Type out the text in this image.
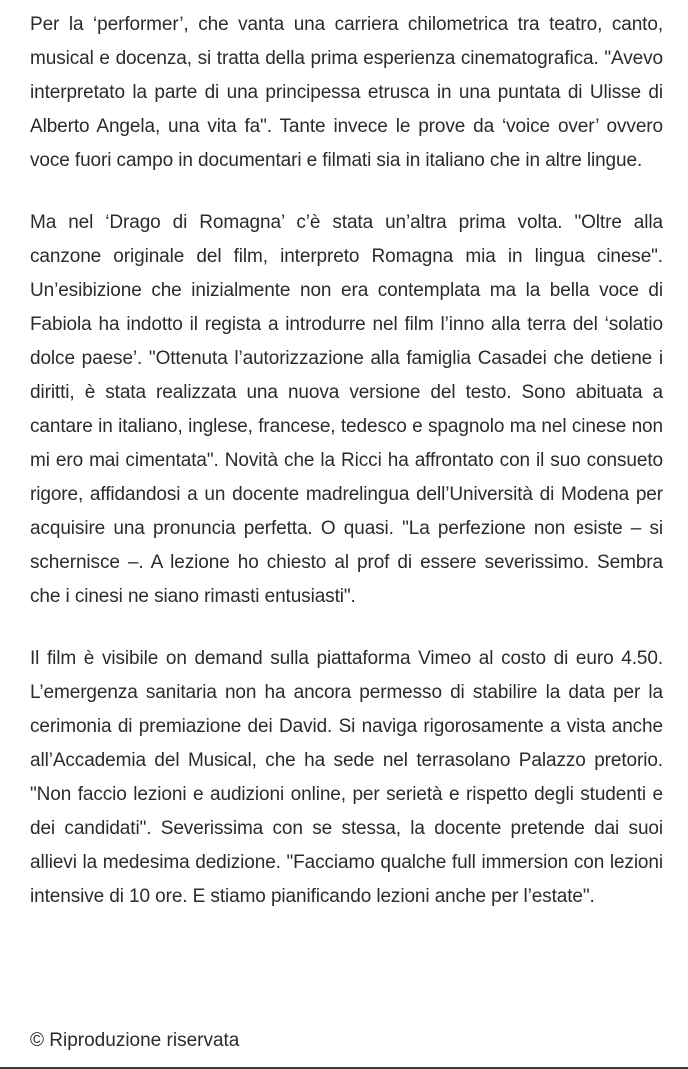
Per la ‘performer’, che vanta una carriera chilometrica tra teatro, canto, musical e docenza, si tratta della prima esperienza cinematografica. "Avevo interpretato la parte di una principessa etrusca in una puntata di Ulisse di Alberto Angela, una vita fa". Tante invece le prove da ‘voice over’ ovvero voce fuori campo in documentari e filmati sia in italiano che in altre lingue.

Ma nel ‘Drago di Romagna’ c’è stata un’altra prima volta. "Oltre alla canzone originale del film, interpreto Romagna mia in lingua cinese". Un’esibizione che inizialmente non era contemplata ma la bella voce di Fabiola ha indotto il regista a introdurre nel film l’inno alla terra del ‘solatio dolce paese’. "Ottenuta l’autorizzazione alla famiglia Casadei che detiene i diritti, è stata realizzata una nuova versione del testo. Sono abituata a cantare in italiano, inglese, francese, tedesco e spagnolo ma nel cinese non mi ero mai cimentata". Novità che la Ricci ha affrontato con il suo consueto rigore, affidandosi a un docente madrelingua dell’Università di Modena per acquisire una pronuncia perfetta. O quasi. "La perfezione non esiste – si schernisce –. A lezione ho chiesto al prof di essere severissimo. Sembra che i cinesi ne siano rimasti entusiasti".

Il film è visibile on demand sulla piattaforma Vimeo al costo di euro 4.50. L’emergenza sanitaria non ha ancora permesso di stabilire la data per la cerimonia di premiazione dei David. Si naviga rigorosamente a vista anche all’Accademia del Musical, che ha sede nel terrasolano Palazzo pretorio. "Non faccio lezioni e audizioni online, per serietà e rispetto degli studenti e dei candidati". Severissima con se stessa, la docente pretende dai suoi allievi la medesima dedizione. "Facciamo qualche full immersion con lezioni intensive di 10 ore. E stiamo pianificando lezioni anche per l’estate".

© Riproduzione riservata
